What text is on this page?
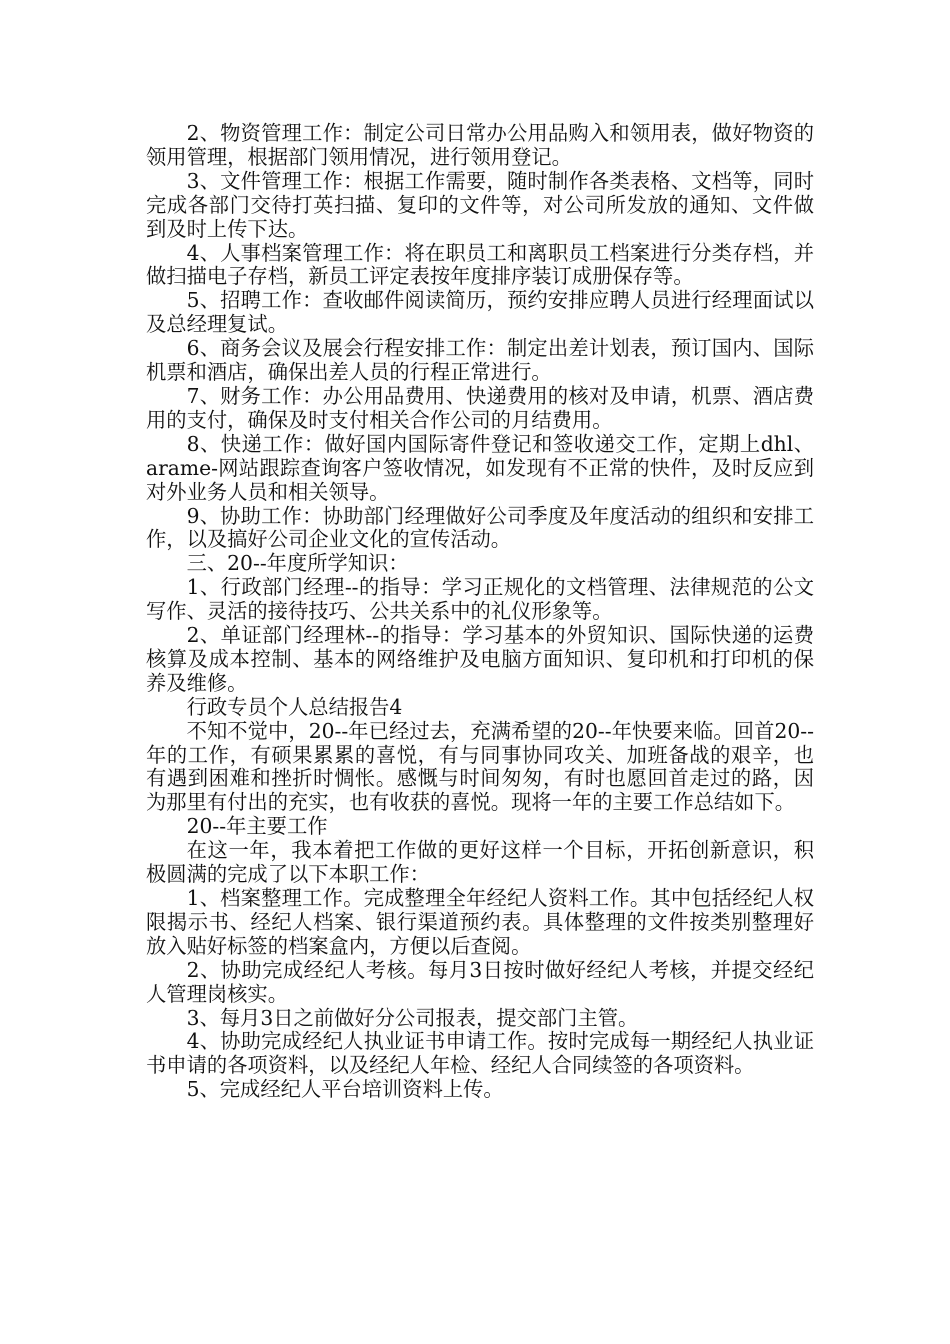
2、物资管理工作：制定公司日常办公用品购入和领用表，做好物资的领用管理，根据部门领用情况，进行领用登记。

3、文件管理工作：根据工作需要，随时制作各类表格、文档等，同时完成各部门交待打英扫描、复印的文件等，对公司所发放的通知、文件做到及时上传下达。

4、人事档案管理工作：将在职员工和离职员工档案进行分类存档，并做扫描电子存档，新员工评定表按年度排序装订成册保存等。

5、招聘工作：查收邮件阅读简历，预约安排应聘人员进行经理面试以及总经理复试。

6、商务会议及展会行程安排工作：制定出差计划表，预订国内、国际机票和酒店，确保出差人员的行程正常进行。

7、财务工作：办公用品费用、快递费用的核对及申请，机票、酒店费用的支付，确保及时支付相关合作公司的月结费用。

8、快递工作：做好国内国际寄件登记和签收递交工作，定期上dhl、arame-网站跟踪查询客户签收情况，如发现有不正常的快件，及时反应到对外业务人员和相关领导。

9、协助工作：协助部门经理做好公司季度及年度活动的组织和安排工作，以及搞好公司企业文化的宣传活动。

三、20--年度所学知识：

1、行政部门经理--的指导：学习正规化的文档管理、法律规范的公文写作、灵活的接待技巧、公共关系中的礼仪形象等。

2、单证部门经理林--的指导：学习基本的外贸知识、国际快递的运费核算及成本控制、基本的网络维护及电脑方面知识、复印机和打印机的保养及维修。

行政专员个人总结报告4

不知不觉中，20--年已经过去，充满希望的20--年快要来临。回首20--年的工作，有硕果累累的喜悦，有与同事协同攻关、加班备战的艰辛，也有遇到困难和挫折时惆怅。感慨与时间匆匆，有时也愿回首走过的路，因为那里有付出的充实，也有收获的喜悦。现将一年的主要工作总结如下。

20--年主要工作

在这一年，我本着把工作做的更好这样一个目标，开拓创新意识，积极圆满的完成了以下本职工作：

1、档案整理工作。完成整理全年经纪人资料工作。其中包括经纪人权限揭示书、经纪人档案、银行渠道预约表。具体整理的文件按类别整理好放入贴好标签的档案盒内，方便以后查阅。

2、协助完成经纪人考核。每月3日按时做好经纪人考核，并提交经纪人管理岗核实。

3、每月3日之前做好分公司报表，提交部门主管。

4、协助完成经纪人执业证书申请工作。按时完成每一期经纪人执业证书申请的各项资料，以及经纪人年检、经纪人合同续签的各项资料。

5、完成经纪人平台培训资料上传。
